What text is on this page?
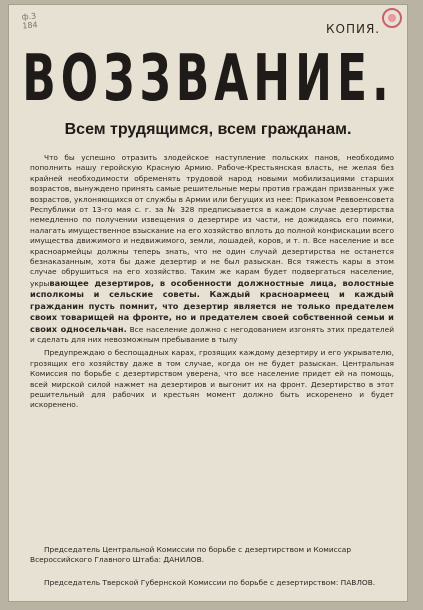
ф.3
184	КОПИЯ.
ВОЗЗВАНИЕ.
Всем трудящимся, всем гражданам.

Что бы успешно отразить злодейское наступление польских панов, необходимо пополнить нашу геройскую Красную Армию. Рабоче-Крестьянская власть, не желая без крайней необходимости обременять трудовой народ новыми мобилизациями старших возрастов, вынуждено принять самые решительные меры против граждан призванных уже возрастов, уклоняющихся от службы в Армии или бегущих из нее: Приказом Реввоенсовета Республики от 13-го мая с. г. за № 328 предписывается в каждом случае дезертирства немедленно по получении извещения о дезертире из части, не дожидаясь его поимки, налагать имущественное взыскание на его хозяйство вплоть до полной конфискации всего имущества движимого и недвижимого, земли, лошадей, коров, и т. п. Все население и все красноармейцы должны теперь знать, что не один случай дезертирства не останется безнаказанным, хотя бы даже дезертир и не был разыскан. Вся тяжесть кары в этом случае обрушиться на его хозяйство. Таким же карам будет подвергаться население, укрывающее дезертиров, в особенности должностные лица, волостные исполкомы и сельские советы. Каждый красноармеец и каждый гражданин пусть помнит, что дезертир является не только предателем своих товарищей на фронте, но и предателем своей собственной семьи и своих односельчан. Все население должно с негодованием изгонять этих предателей и сделать для них невозможным пребывание в тылу

Предупреждаю о беспощадных карах, грозящих каждому дезертиру и его укрывателю, грозящих его хозяйству даже в том случае, когда он не будет разыскан. Центральная Комиссия по борьбе с дезертирством уверена, что все население придет ей на помощь, всей мирской силой нажмет на дезертиров и выгонит их на фронт. Дезертирство в этот решительный для рабочих и крестьян момент должно быть искоренено и будет искоренено.

Председатель Центральной Комиссии по борьбе с дезертирством и Комиссар Всероссийского Главного Штаба: ДАНИЛОВ.

Председатель Тверской Губернской Комиссии по борьбе с дезертирством: ПАВЛОВ.
